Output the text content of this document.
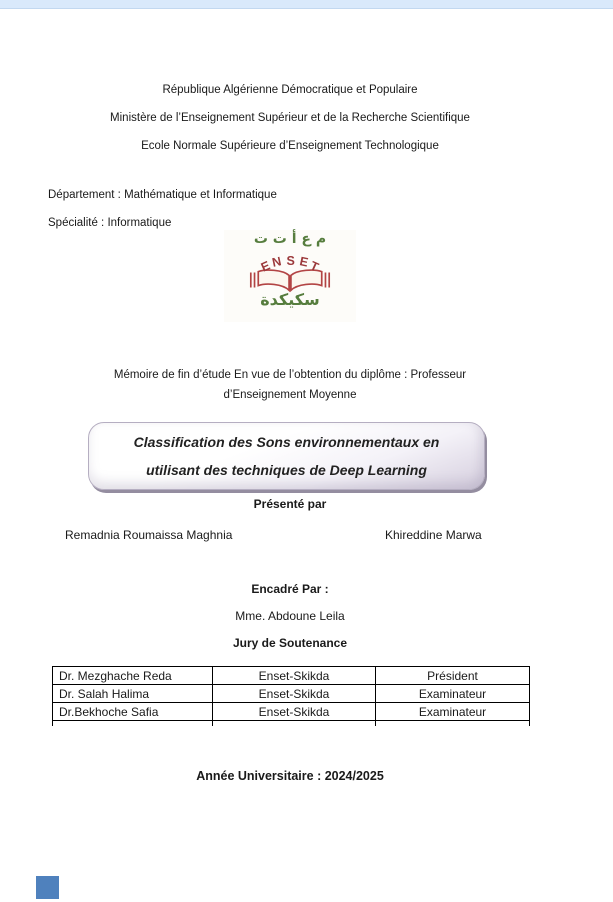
République Algérienne Démocratique et Populaire
Ministère de l’Enseignement Supérieur et de la Recherche Scientifique
Ecole Normale Supérieure d’Enseignement Technologique
Département : Mathématique et Informatique
Spécialité : Informatique
م ع أ ت ت
E
N S E
T
سكيكدة
Mémoire de fin d’étude En vue de l’obtention du diplôme : Professeur
d’Enseignement Moyenne
Classification des Sons environnementaux en
utilisant des techniques de Deep Learning
Présenté par
Remadnia Roumaissa Maghnia	Khireddine Marwa
Encadré Par :
Mme. Abdoune Leila
Jury de Soutenance
Dr. Mezghache Reda	Enset-Skikda	Président
Dr. Salah Halima	Enset-Skikda	Examinateur
Dr.Bekhoche Safia	Enset-Skikda	Examinateur

Année Universitaire : 2024/2025
